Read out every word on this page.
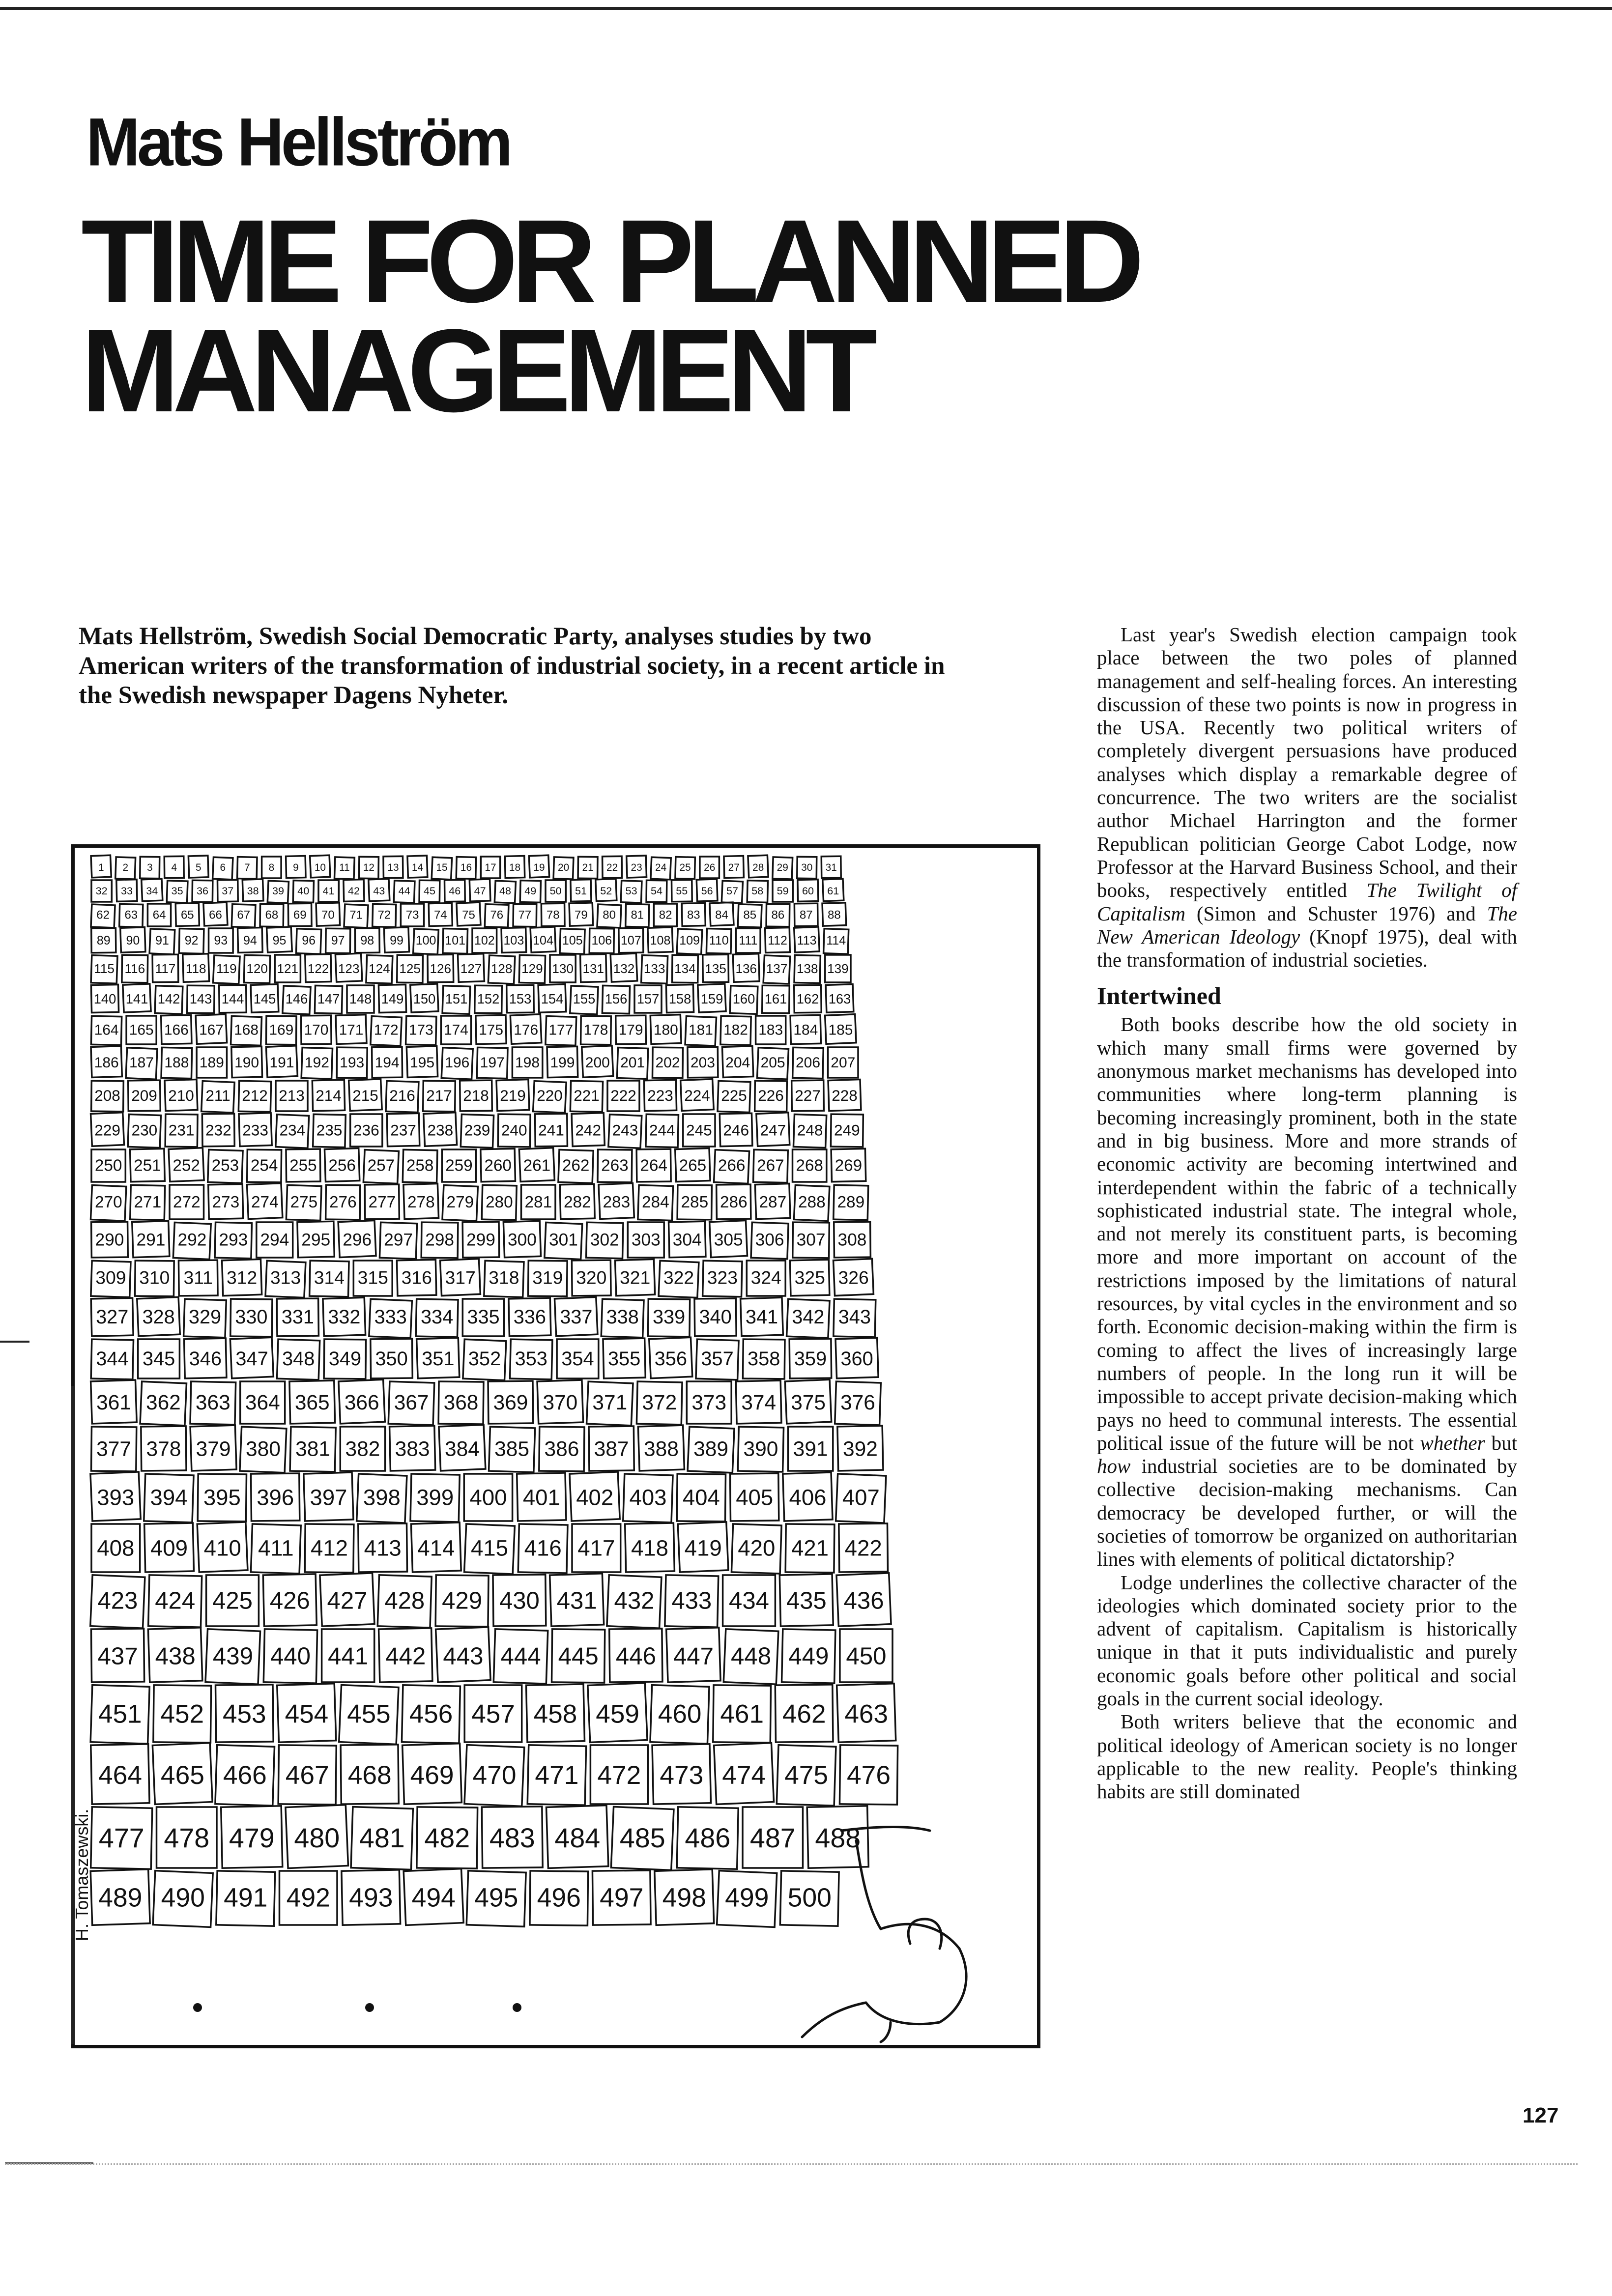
Mats Hellström
TIME FOR PLANNED
MANAGEMENT

Mats Hellström, Swedish Social Democratic Party, analyses studies by two American writers of the transformation of industrial society, in a recent article in the Swedish newspaper Dagens Nyheter.

1 2 3 4 5 6 7 8 9 10 11 12 13 14 15 16 17 18 19 20 21 22 23 24 25 26 27 28 29 30 31
32 33 34 35 36 37 38 39 40 41 42 43 44 45 46 47 48 49 50 51 52 53 54 55 56 57 58 59 60 61
62 63 64 65 66 67 68 69 70 71 72 73 74 75 76 77 78 79 80 81 82 83 84 85 86 87 88
89 90 91 92 93 94 95 96 97 98 99 100 101 102 103 104 105 106 107 108 109 110 111 112 113 114
115 116 117 118 119 120 121 122 123 124 125 126 127 128 129 130 131 132 133 134 135 136 137 138 139
140 141 142 143 144 145 146 147 148 149 150 151 152 153 154 155 156 157 158 159 160 161 162 163
164 165 166 167 168 169 170 171 172 173 174 175 176 177 178 179 180 181 182 183 184 185
186 187 188 189 190 191 192 193 194 195 196 197 198 199 200 201 202 203 204 205 206 207
208 209 210 211 212 213 214 215 216 217 218 219 220 221 222 223 224 225 226 227 228
229 230 231 232 233 234 235 236 237 238 239 240 241 242 243 244 245 246 247 248 249
250 251 252 253 254 255 256 257 258 259 260 261 262 263 264 265 266 267 268 269
270 271 272 273 274 275 276 277 278 279 280 281 282 283 284 285 286 287 288 289
290 291 292 293 294 295 296 297 298 299 300 301 302 303 304 305 306 307 308
309 310 311 312 313 314 315 316 317 318 319 320 321 322 323 324 325 326
327 328 329 330 331 332 333 334 335 336 337 338 339 340 341 342 343
344 345 346 347 348 349 350 351 352 353 354 355 356 357 358 359 360
361 362 363 364 365 366 367 368 369 370 371 372 373 374 375 376
377 378 379 380 381 382 383 384 385 386 387 388 389 390 391 392
393 394 395 396 397 398 399 400 401 402 403 404 405 406 407
408 409 410 411 412 413 414 415 416 417 418 419 420 421 422
423 424 425 426 427 428 429 430 431 432 433 434 435 436
437 438 439 440 441 442 443 444 445 446 447 448 449 450
451 452 453 454 455 456 457 458 459 460 461 462 463
464 465 466 467 468 469 470 471 472 473 474 475 476
477 478 479 480 481 482 483 484 485 486 487 488
489 490 491 492 493 494 495 496 497 498 499 500
H. Tomaszewski.

Last year's Swedish election campaign took place between the two poles of planned management and self-healing forces. An interesting discussion of these two points is now in progress in the USA. Recently two political writers of completely divergent persuasions have produced analyses which display a remarkable degree of concurrence. The two writers are the socialist author Michael Harrington and the former Republican politician George Cabot Lodge, now Professor at the Harvard Business School, and their books, respectively entitled The Twilight of Capitalism (Simon and Schuster 1976) and The New American Ideology (Knopf 1975), deal with the transformation of industrial societies.

Intertwined

Both books describe how the old society in which many small firms were governed by anonymous market mechanisms has developed into communities where long-term planning is becoming increasingly prominent, both in the state and in big business. More and more strands of economic activity are becoming intertwined and interdependent within the fabric of a technically sophisticated industrial state. The integral whole, and not merely its constituent parts, is becoming more and more important on account of the restrictions imposed by the limitations of natural resources, by vital cycles in the environment and so forth. Economic decision-making within the firm is coming to affect the lives of increasingly large numbers of people. In the long run it will be impossible to accept private decision-making which pays no heed to communal interests. The essential political issue of the future will be not whether but how industrial societies are to be dominated by collective decision-making mechanisms. Can democracy be developed further, or will the societies of tomorrow be organized on authoritarian lines with elements of political dictatorship?

Lodge underlines the collective character of the ideologies which dominated society prior to the advent of capitalism. Capitalism is historically unique in that it puts individualistic and purely economic goals before other political and social goals in the current social ideology.

Both writers believe that the economic and political ideology of American society is no longer applicable to the new reality. People's thinking habits are still dominated

127
